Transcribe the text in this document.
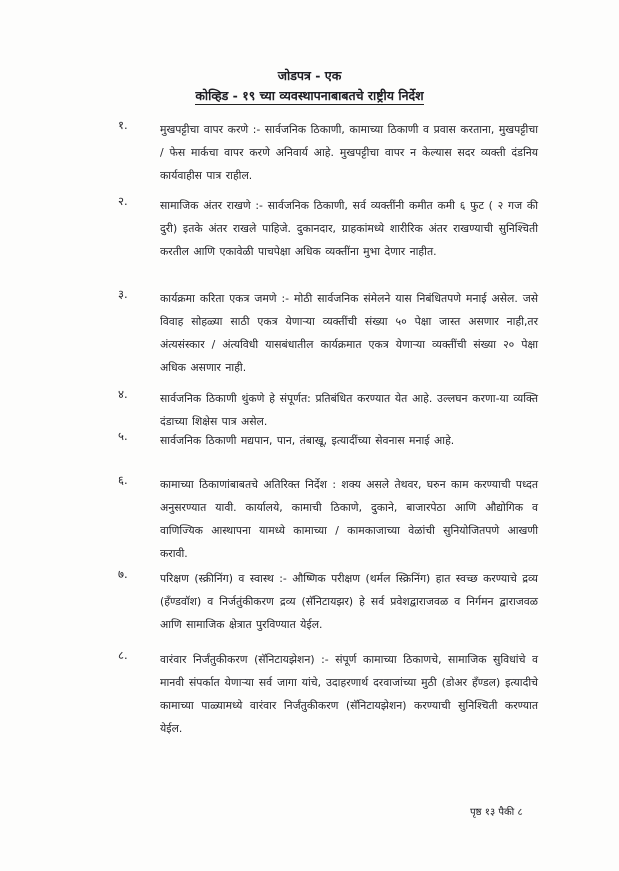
जोडपत्र - एक
कोव्हिड - १९ च्या व्यवस्थापनाबाबतचे राष्ट्रीय निर्देश
१.	मुखपट्टीचा वापर करणे :- सार्वजनिक ठिकाणी, कामाच्या ठिकाणी व प्रवास करताना, मुखपट्टीचा / फेस मार्कचा वापर करणे अनिवार्य आहे. मुखपट्टीचा वापर न केल्यास सदर व्यक्ती दंडनिय कार्यवाहीस पात्र राहील.
२.	सामाजिक अंतर राखणे :- सार्वजनिक ठिकाणी, सर्व व्यक्तींनी कमीत कमी ६ फुट ( २ गज की दुरी) इतके अंतर राखले पाहिजे. दुकानदार, ग्राहकांमध्ये शारीरिक अंतर राखण्याची सुनिश्चिती करतील आणि एकावेळी पाचपेक्षा अधिक व्यक्तींना मुभा देणार नाहीत.
३.	कार्यक्रमा करिता एकत्र जमणे :- मोठी सार्वजनिक संमेलने यास निबंधितपणे मनाई असेल. जसे विवाह सोहळ्या साठी एकत्र येणाऱ्या व्यक्तींची संख्या ५० पेक्षा जास्त असणार नाही,तर अंत्यसंस्कार / अंत्यविधी यासबंधातील कार्यक्रमात एकत्र येणाऱ्या व्यक्तींची संख्या २० पेक्षा अधिक असणार नाही.
४.	सार्वजनिक ठिकाणी थुंकणे हे संपूर्णत: प्रतिबंधित करण्यात येत आहे. उल्लघन करणा-या व्यक्ति दंडाच्या शिक्षेस पात्र असेल.
५.	सार्वजनिक ठिकाणी मद्यपान, पान, तंबाखू, इत्यादींच्या सेवनास मनाई आहे.
६.	कामाच्या ठिकाणांबाबतचे अतिरिक्त निर्देश : शक्य असले तेथवर, घरुन काम करण्याची पध्दत अनुसरण्यात यावी. कार्यालये, कामाची ठिकाणे, दुकाने, बाजारपेठा आणि औद्योगिक व वाणिज्यिक आस्थापना यामध्ये कामाच्या / कामकाजाच्या वेळांची सुनियोजितपणे आखणी करावी.
७.	परिक्षण (स्क्रीनिंग) व स्वास्थ :- औष्णिक परीक्षण (थर्मल स्क्रिनिंग) हात स्वच्छ करण्याचे द्रव्य (हँण्डवॉश) व निर्जतुंकीकरण द्रव्य (सॅनिटायझर) हे सर्व प्रवेशद्वाराजवळ व निर्गमन द्वाराजवळ आणि सामाजिक क्षेत्रात पुरविण्यात येईल.
८.	वारंवार निर्जंतुकीकरण (सॅनिटायझेशन) :- संपूर्ण कामाच्या ठिकाणचे, सामाजिक सुविधांचे व मानवी संपर्कात येणाऱ्या सर्व जागा यांचे, उदाहरणार्थ दरवाजांच्या मुठी (डोअर हँण्डल) इत्यादीचे कामाच्या पाळ्यामध्ये वारंवार निर्जंतुकीकरण (सॅनिटायझेशन) करण्याची सुनिश्चिती करण्यात येईल.
पृष्ठ १३ पैकी ८
